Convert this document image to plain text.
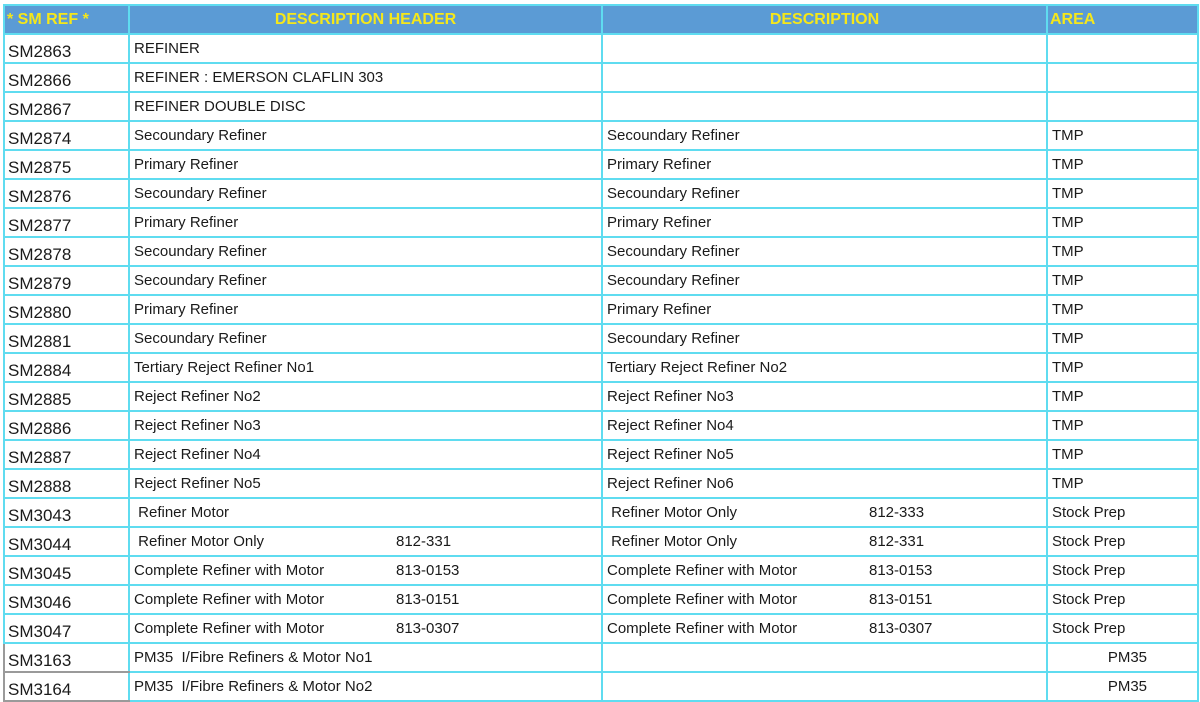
* SM REF *	DESCRIPTION HEADER	DESCRIPTION	AREA
SM2863	REFINER		
SM2866	REFINER : EMERSON CLAFLIN 303		
SM2867	REFINER DOUBLE DISC		
SM2874	Secoundary Refiner	Secoundary Refiner	TMP
SM2875	Primary Refiner	Primary Refiner	TMP
SM2876	Secoundary Refiner	Secoundary Refiner	TMP
SM2877	Primary Refiner	Primary Refiner	TMP
SM2878	Secoundary Refiner	Secoundary Refiner	TMP
SM2879	Secoundary Refiner	Secoundary Refiner	TMP
SM2880	Primary Refiner	Primary Refiner	TMP
SM2881	Secoundary Refiner	Secoundary Refiner	TMP
SM2884	Tertiary Reject Refiner No1	Tertiary Reject Refiner No2	TMP
SM2885	Reject Refiner No2	Reject Refiner No3	TMP
SM2886	Reject Refiner No3	Reject Refiner No4	TMP
SM2887	Reject Refiner No4	Reject Refiner No5	TMP
SM2888	Reject Refiner No5	Reject Refiner No6	TMP
SM3043	Refiner Motor	Refiner Motor Only 812-333	Stock Prep
SM3044	Refiner Motor Only 812-331	Refiner Motor Only 812-331	Stock Prep
SM3045	Complete Refiner with Motor 813-0153	Complete Refiner with Motor 813-0153	Stock Prep
SM3046	Complete Refiner with Motor 813-0151	Complete Refiner with Motor 813-0151	Stock Prep
SM3047	Complete Refiner with Motor 813-0307	Complete Refiner with Motor 813-0307	Stock Prep
SM3163	PM35  I/Fibre Refiners & Motor No1		PM35
SM3164	PM35  I/Fibre Refiners & Motor No2		PM35
